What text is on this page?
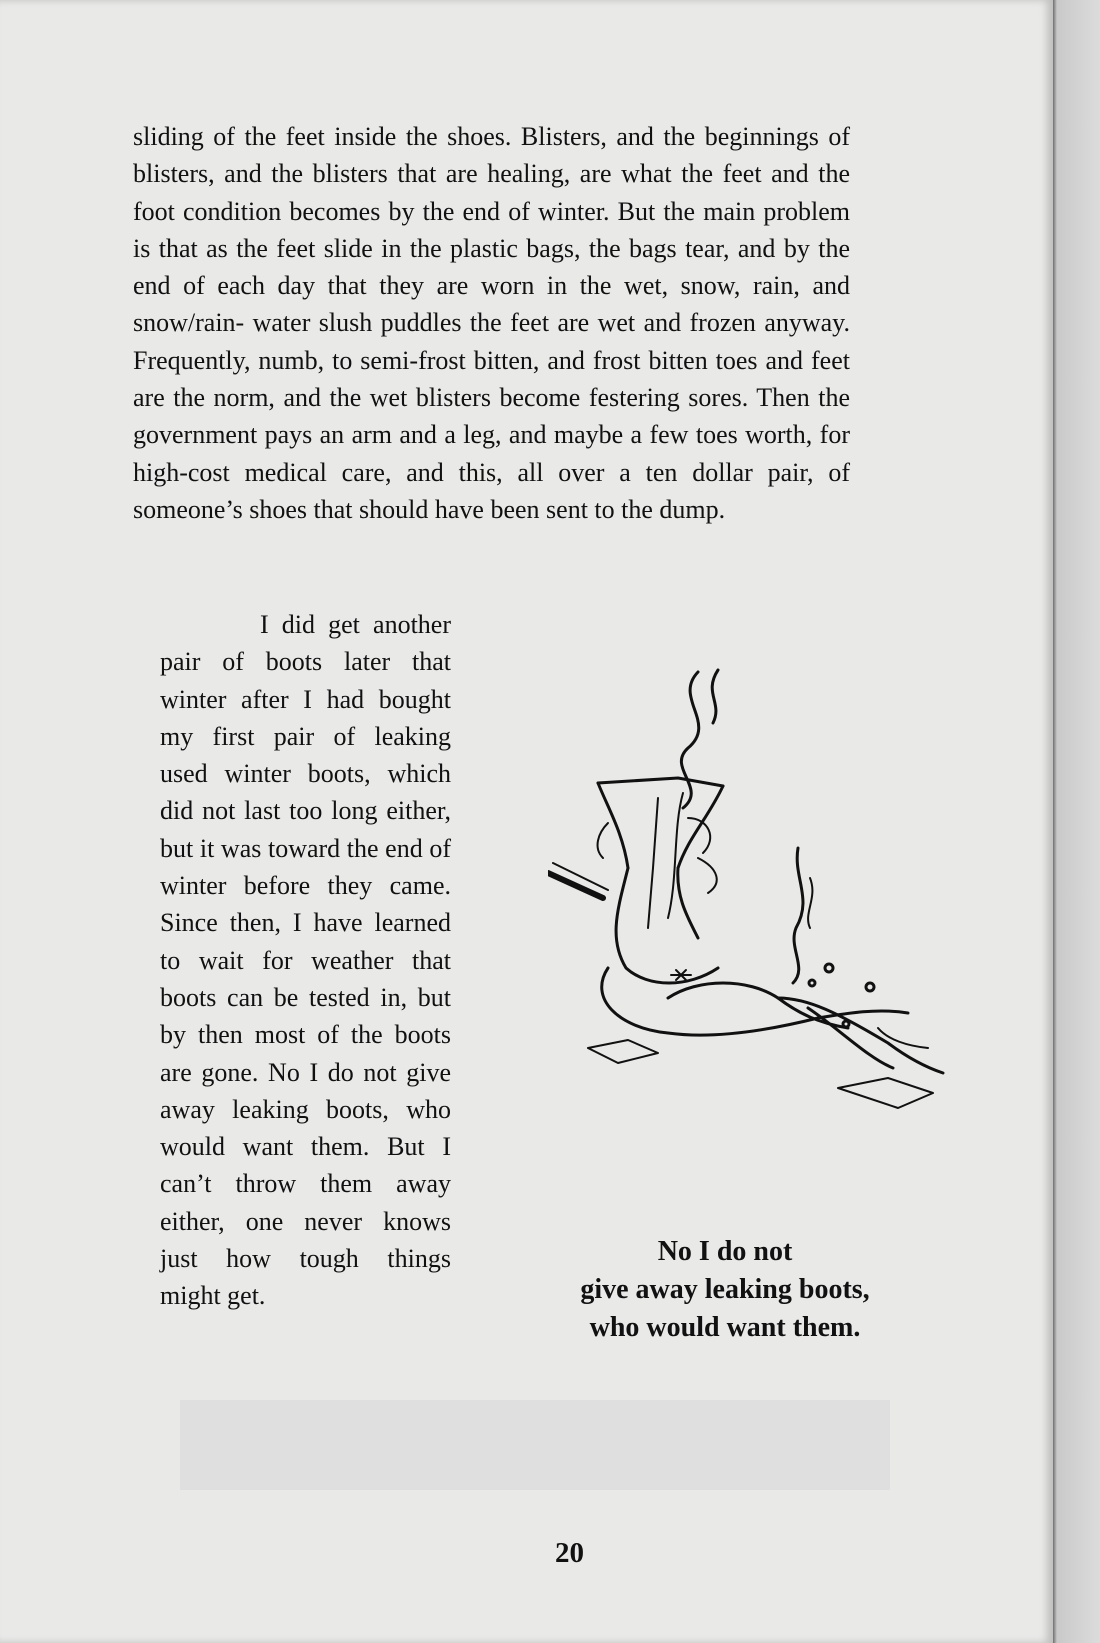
sliding of the feet inside the shoes. Blisters, and the beginnings of blisters, and the blisters that are healing, are what the feet and the foot condition becomes by the end of winter. But the main problem is that as the feet slide in the plastic bags, the bags tear, and by the end of each day that they are worn in the wet, snow, rain, and snow/rain- water slush puddles the feet are wet and frozen anyway. Frequently, numb, to semi-frost bitten, and frost bitten toes and feet are the norm, and the wet blisters become festering sores. Then the government pays an arm and a leg, and maybe a few toes worth, for high-cost medical care, and this, all over a ten dollar pair, of someone’s shoes that should have been sent to the dump.

I did get another pair of boots later that winter after I had bought my first pair of leaking used winter boots, which did not last too long either, but it was toward the end of winter before they came. Since then, I have learned to wait for weather that boots can be tested in, but by then most of the boots are gone. No I do not give away leaking boots, who would want them. But I can’t throw them away either, one never knows just how tough things might get.

No I do not
give away leaking boots,
who would want them.

20
